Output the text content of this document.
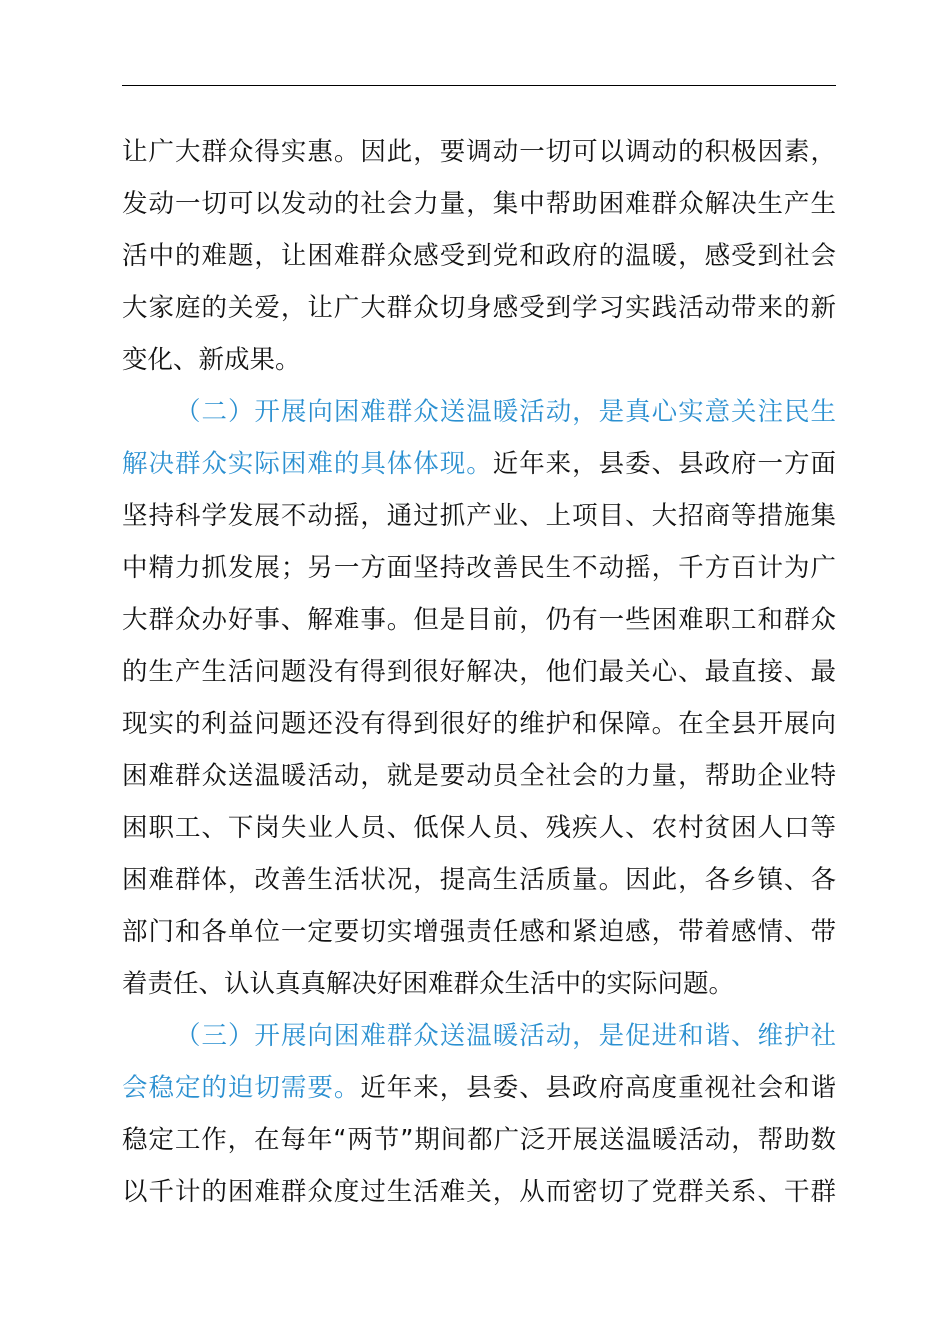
让广大群众得实惠。因此，要调动一切可以调动的积极因素，
发动一切可以发动的社会力量，集中帮助困难群众解决生产生
活中的难题，让困难群众感受到党和政府的温暖，感受到社会
大家庭的关爱，让广大群众切身感受到学习实践活动带来的新
变化、新成果。
（二）开展向困难群众送温暖活动，是真心实意关注民生
解决群众实际困难的具体体现。近年来，县委、县政府一方面
坚持科学发展不动摇，通过抓产业、上项目、大招商等措施集
中精力抓发展；另一方面坚持改善民生不动摇，千方百计为广
大群众办好事、解难事。但是目前，仍有一些困难职工和群众
的生产生活问题没有得到很好解决，他们最关心、最直接、最
现实的利益问题还没有得到很好的维护和保障。在全县开展向
困难群众送温暖活动，就是要动员全社会的力量，帮助企业特
困职工、下岗失业人员、低保人员、残疾人、农村贫困人口等
困难群体，改善生活状况，提高生活质量。因此，各乡镇、各
部门和各单位一定要切实增强责任感和紧迫感，带着感情、带
着责任、认认真真解决好困难群众生活中的实际问题。
（三）开展向困难群众送温暖活动，是促进和谐、维护社
会稳定的迫切需要。近年来，县委、县政府高度重视社会和谐
稳定工作，在每年“两节”期间都广泛开展送温暖活动，帮助数
以千计的困难群众度过生活难关，从而密切了党群关系、干群
